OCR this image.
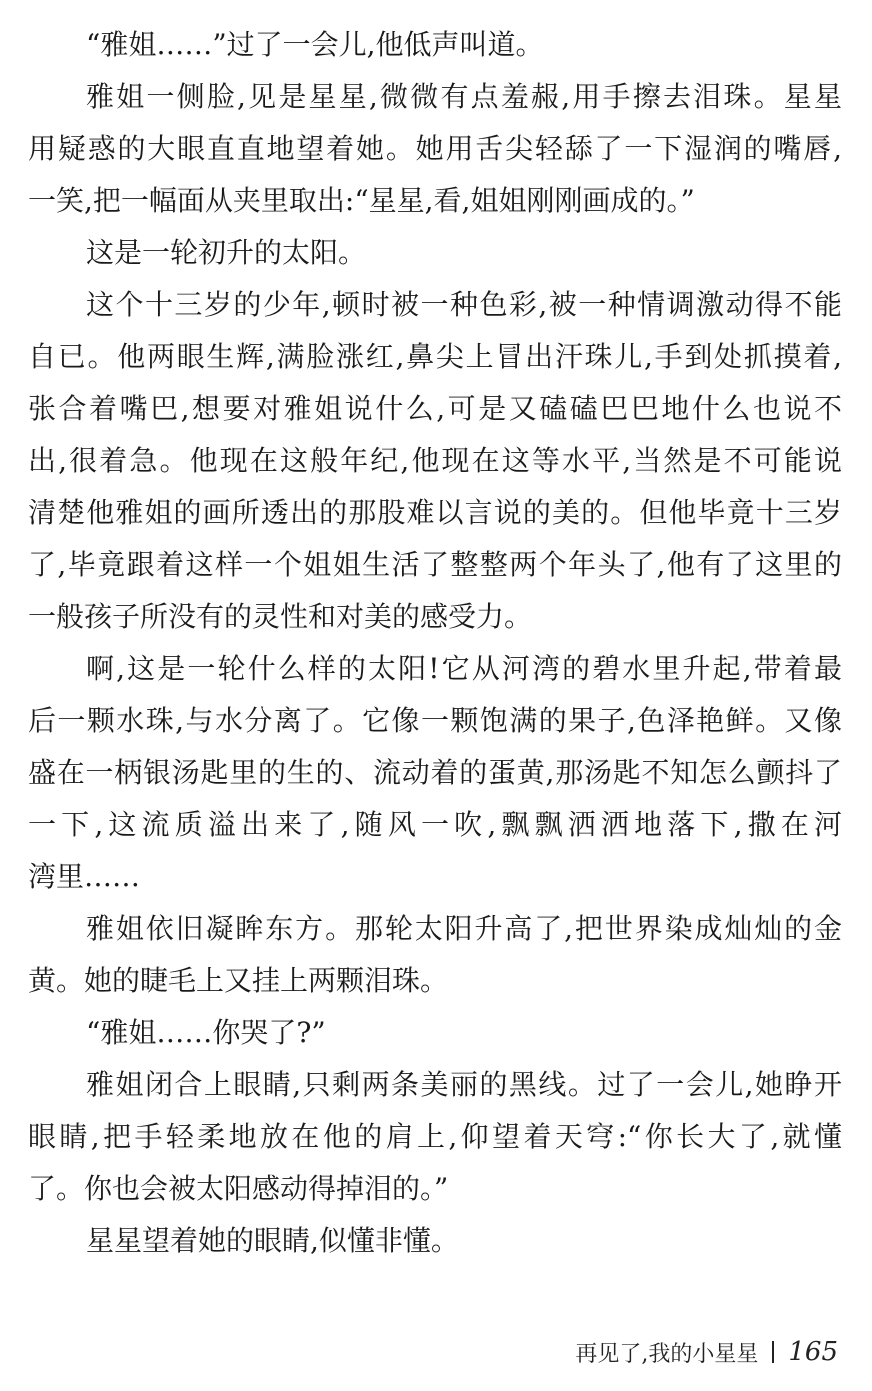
“雅姐……”过了一会儿,他低声叫道。
雅姐一侧脸,见是星星,微微有点羞赧,用手擦去泪珠。星星
用疑惑的大眼直直地望着她。她用舌尖轻舔了一下湿润的嘴唇,
一笑,把一幅面从夹里取出:“星星,看,姐姐刚刚画成的。”
这是一轮初升的太阳。
这个十三岁的少年,顿时被一种色彩,被一种情调激动得不能
自已。他两眼生辉,满脸涨红,鼻尖上冒出汗珠儿,手到处抓摸着,
张合着嘴巴,想要对雅姐说什么,可是又磕磕巴巴地什么也说不
出,很着急。他现在这般年纪,他现在这等水平,当然是不可能说
清楚他雅姐的画所透出的那股难以言说的美的。但他毕竟十三岁
了,毕竟跟着这样一个姐姐生活了整整两个年头了,他有了这里的
一般孩子所没有的灵性和对美的感受力。
啊,这是一轮什么样的太阳!它从河湾的碧水里升起,带着最
后一颗水珠,与水分离了。它像一颗饱满的果子,色泽艳鲜。又像
盛在一柄银汤匙里的生的、流动着的蛋黄,那汤匙不知怎么颤抖了
一下,这流质溢出来了,随风一吹,飘飘洒洒地落下,撒在河
湾里……
雅姐依旧凝眸东方。那轮太阳升高了,把世界染成灿灿的金
黄。她的睫毛上又挂上两颗泪珠。
“雅姐……你哭了?”
雅姐闭合上眼睛,只剩两条美丽的黑线。过了一会儿,她睁开
眼睛,把手轻柔地放在他的肩上,仰望着天穹:“你长大了,就懂
了。你也会被太阳感动得掉泪的。”
星星望着她的眼睛,似懂非懂。
再见了,我的小星星 165
